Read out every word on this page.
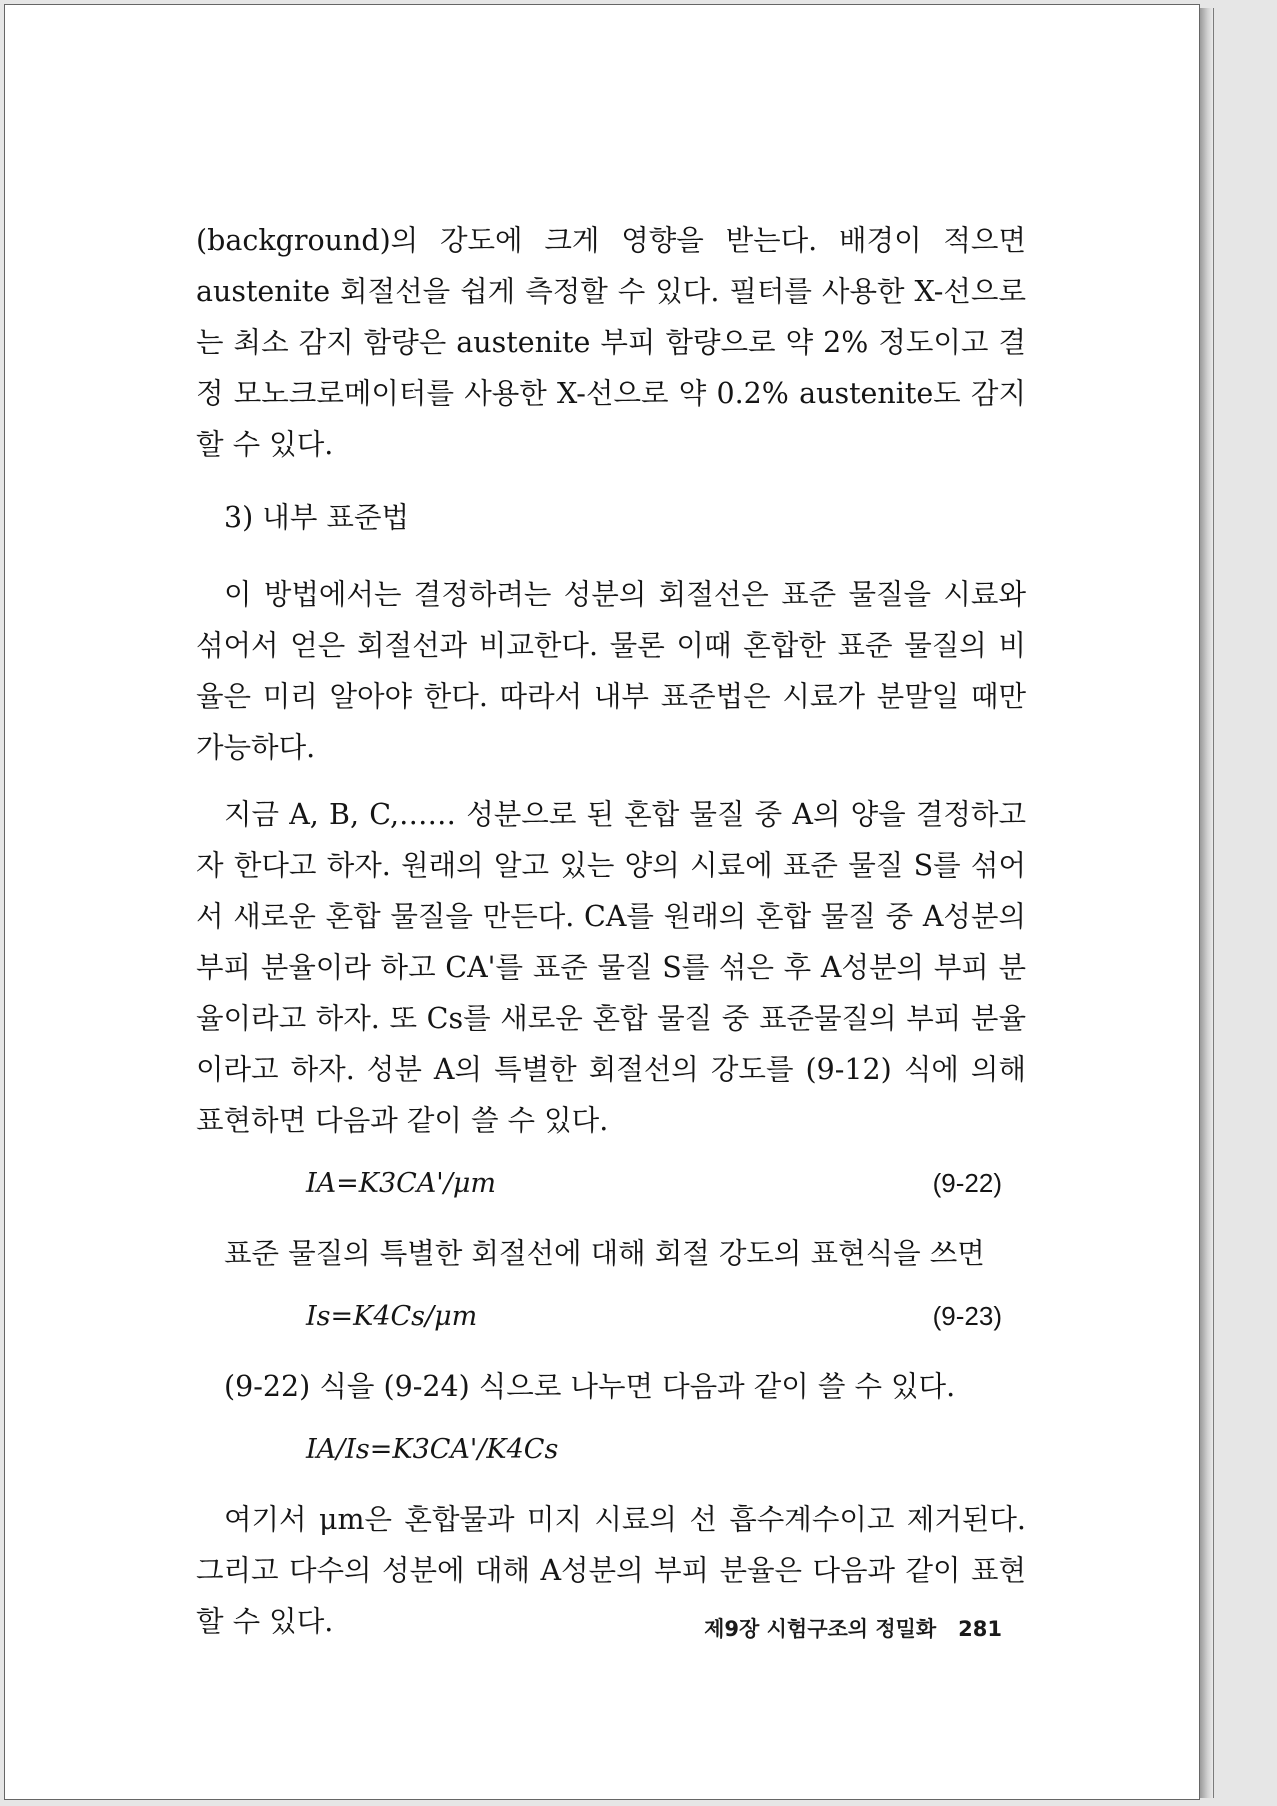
(background)의 강도에 크게 영향을 받는다. 배경이 적으면 austenite 회절선을 쉽게 측정할 수 있다. 필터를 사용한 X-선으로는 최소 감지 함량은 austenite 부피 함량으로 약 2% 정도이고 결정 모노크로메이터를 사용한 X-선으로 약 0.2% austenite도 감지할 수 있다.

3) 내부 표준법

이 방법에서는 결정하려는 성분의 회절선은 표준 물질을 시료와 섞어서 얻은 회절선과 비교한다. 물론 이때 혼합한 표준 물질의 비율은 미리 알아야 한다. 따라서 내부 표준법은 시료가 분말일 때만 가능하다.

지금 A, B, C,…… 성분으로 된 혼합 물질 중 A의 양을 결정하고자 한다고 하자. 원래의 알고 있는 양의 시료에 표준 물질 S를 섞어서 새로운 혼합 물질을 만든다. CA를 원래의 혼합 물질 중 A성분의 부피 분율이라 하고 CA'를 표준 물질 S를 섞은 후 A성분의 부피 분율이라고 하자. 또 Cs를 새로운 혼합 물질 중 표준물질의 부피 분율이라고 하자. 성분 A의 특별한 회절선의 강도를 (9-12) 식에 의해 표현하면 다음과 같이 쓸 수 있다.

IA=K3CA'/μm	(9-22)

표준 물질의 특별한 회절선에 대해 회절 강도의 표현식을 쓰면

Is=K4Cs/μm	(9-23)

(9-22) 식을 (9-24) 식으로 나누면 다음과 같이 쓸 수 있다.

IA/Is=K3CA'/K4Cs

여기서 μm은 혼합물과 미지 시료의 선 흡수계수이고 제거된다. 그리고 다수의 성분에 대해 A성분의 부피 분율은 다음과 같이 표현할 수 있다.	제9장 시험구조의 정밀화 281
